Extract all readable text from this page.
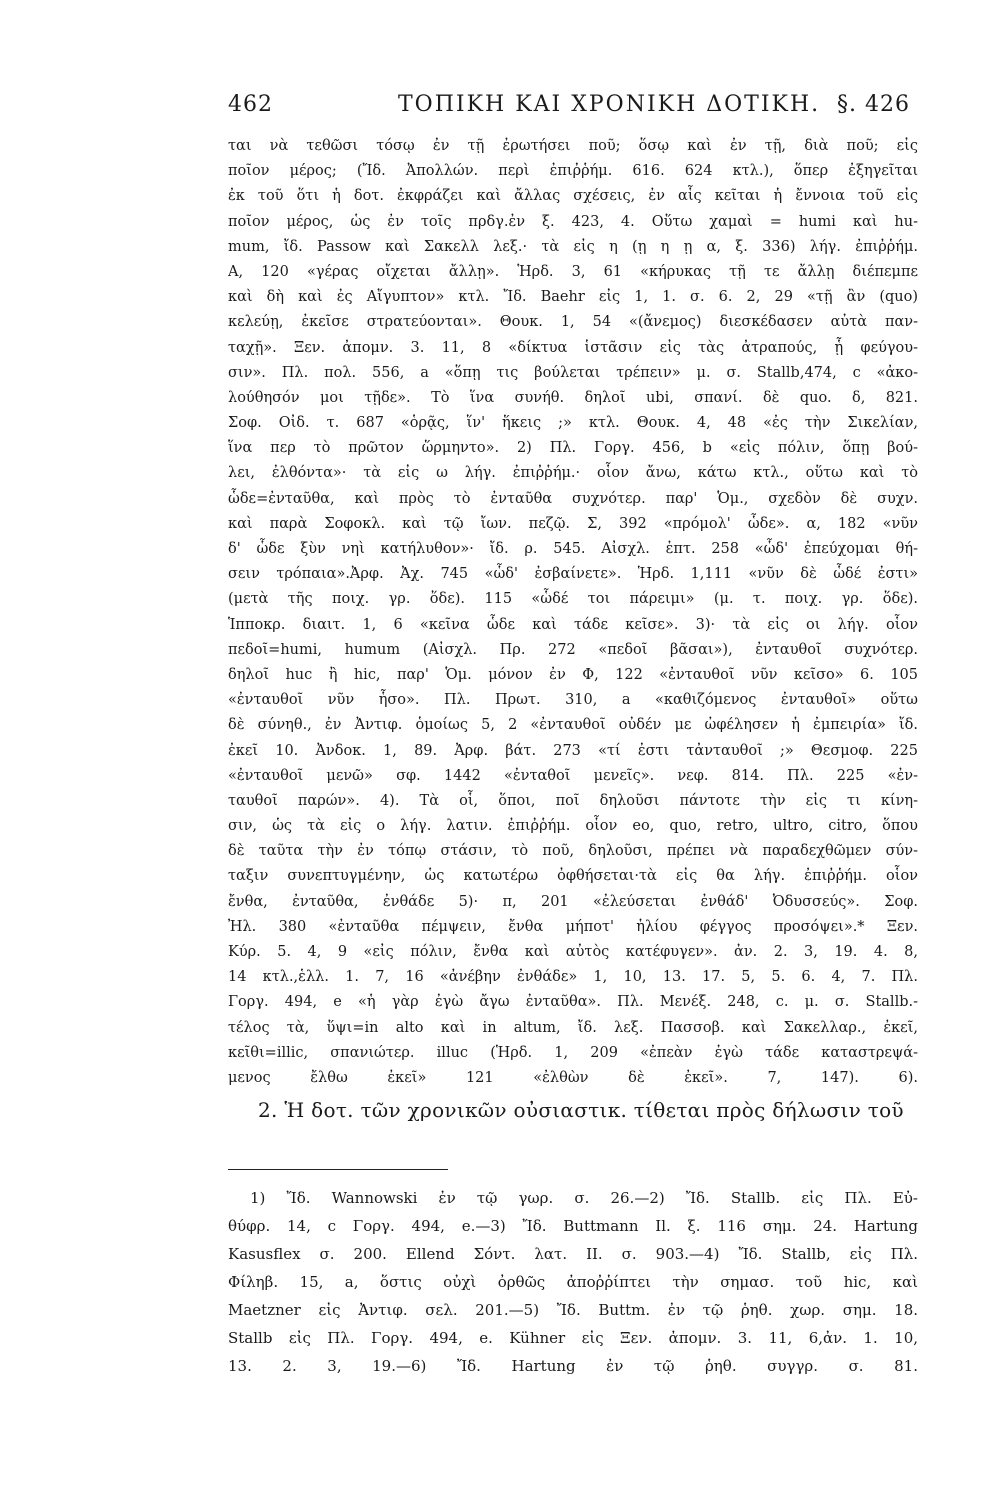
462	ΤΟΠΙΚΗ ΚΑΙ ΧΡΟΝΙΚΗ ΔΟΤΙΚΗ. §. 426
ται νὰ τεθῶσι τόσῳ ἐν τῇ ἐρωτήσει ποῦ; ὅσῳ καὶ ἐν τῇ, διὰ ποῦ; εἰς
ποῖον μέρος; (Ἴδ. Ἀπολλών. περὶ ἐπιῤῥήμ. 616. 624 κτλ.), ὅπερ ἐξηγεῖται
ἐκ τοῦ ὅτι ἡ δοτ. ἐκφράζει καὶ ἄλλας σχέσεις, ἐν αἷς κεῖται ἡ ἔννοια τοῦ εἰς
ποῖον μέρος, ὡς ἐν τοῖς πρδγ.ἐν ξ. 423, 4. Οὕτω χαμαὶ = humi καὶ hu-
mum, ἴδ. Passow καὶ Σακελλ λεξ.· τὰ εἰς η (ῃ η ῃ α, ξ. 336) λήγ. ἐπιῤῥήμ.
Α, 120 «γέρας οἴχεται ἄλλῃ». Ἡρδ. 3, 61 «κήρυκας τῇ τε ἄλλῃ διέπεμπε
καὶ δὴ καὶ ἐς Αἴγυπτον» κτλ. Ἴδ. Baehr εἰς 1, 1. σ. 6. 2, 29 «τῇ ἂν (quo)
κελεύῃ, ἐκεῖσε στρατεύονται». Θουκ. 1, 54 «(ἄνεμος) διεσκέδασεν αὐτὰ παν-
ταχῇ». Ξεν. ἀπομν. 3. 11, 8 «δίκτυα ἱστᾶσιν εἰς τὰς ἀτραπούς, ᾗ φεύγου-
σιν». Πλ. πολ. 556, a «ὅπῃ τις βούλεται τρέπειν» μ. σ. Stallb,474, c «ἀκο-
λούθησόν μοι τῇδε». Τὸ ἵνα συνήθ. δηλοῖ ubi, σπανί. δὲ quo. δ, 821.
Σοφ. Οἰδ. τ. 687 «ὁρᾷς, ἵν' ἥκεις ;» κτλ. Θουκ. 4, 48 «ἐς τὴν Σικελίαν,
ἵνα περ τὸ πρῶτον ὥρμηντο». 2) Πλ. Γοργ. 456, b «εἰς πόλιν, ὅπῃ βού-
λει, ἐλθόντα»· τὰ εἰς ω λήγ. ἐπιῤῥήμ.· οἷον ἄνω, κάτω κτλ., οὕτω καὶ τὸ
ὧδε=ἐνταῦθα, καὶ πρὸς τὸ ἐνταῦθα συχνότερ. παρ' Ὁμ., σχεδὸν δὲ συχν.
καὶ παρὰ Σοφοκλ. καὶ τῷ ἴων. πεζῷ. Σ, 392 «πρόμολ' ὧδε». α, 182 «νῦν
δ' ὧδε ξὺν νηὶ κατήλυθον»· ἴδ. ρ. 545. Αἰσχλ. ἑπτ. 258 «ὧδ' ἐπεύχομαι θή-
σειν τρόπαια».Ἀρφ. Ἀχ. 745 «ὧδ' ἐσβαίνετε». Ἡρδ. 1,111 «νῦν δὲ ὧδέ ἐστι»
(μετὰ τῆς ποιχ. γρ. ὅδε). 115 «ὧδέ τοι πάρειμι» (μ. τ. ποιχ. γρ. ὅδε).
Ἱπποκρ. διαιτ. 1, 6 «κεῖνα ὧδε καὶ τάδε κεῖσε». 3)· τὰ εἰς οι λήγ. οἷον
πεδοῖ=humi, humum (Αἰσχλ. Πρ. 272 «πεδοῖ βᾶσαι»), ἐνταυθοῖ συχνότερ.
δηλοῖ huc ἢ hic, παρ' Ὁμ. μόνον ἐν Φ, 122 «ἐνταυθοῖ νῦν κεῖσο» 6. 105
«ἐνταυθοῖ νῦν ἧσο». Πλ. Πρωτ. 310, a «καθιζόμενος ἐνταυθοῖ» οὕτω
δὲ σύνηθ., ἐν Ἀντιφ. ὁμοίως 5, 2 «ἐνταυθοῖ οὐδέν με ὠφέλησεν ἡ ἐμπειρία» ἴδ.
ἐκεῖ 10. Ἀνδοκ. 1, 89. Ἀρφ. βάτ. 273 «τί ἐστι τἀνταυθοῖ ;» Θεσμοφ. 225
«ἐνταυθοῖ μενῶ» σφ. 1442 «ἐνταθοῖ μενεῖς». νεφ. 814. Πλ. 225 «ἐν-
ταυθοῖ παρών». 4). Τὰ οἷ, ὅποι, ποῖ δηλοῦσι πάντοτε τὴν εἰς τι κίνη-
σιν, ὡς τὰ εἰς ο λήγ. λατιν. ἐπιῤῥήμ. οἷον eo, quo, retro, ultro, citro, ὅπου
δὲ ταῦτα τὴν ἐν τόπῳ στάσιν, τὸ ποῦ, δηλοῦσι, πρέπει νὰ παραδεχθῶμεν σύν-
ταξιν συνεπτυγμένην, ὡς κατωτέρω ὀφθήσεται·τὰ εἰς θα λήγ. ἐπιῤῥήμ. οἷον
ἔνθα, ἐνταῦθα, ἐνθάδε 5)· π, 201 «ἐλεύσεται ἐνθάδ' Ὀδυσσεύς». Σοφ.
Ἠλ. 380 «ἐνταῦθα πέμψειν, ἔνθα μήποτ' ἡλίου φέγγος προσόψει».* Ξεν.
Κύρ. 5. 4, 9 «εἰς πόλιν, ἔνθα καὶ αὐτὸς κατέφυγεν». ἀν. 2. 3, 19. 4. 8,
14 κτλ.,ἑλλ. 1. 7, 16 «ἀνέβην ἐνθάδε» 1, 10, 13. 17. 5, 5. 6. 4, 7. Πλ.
Γοργ. 494, e «ἡ γὰρ ἐγὼ ἄγω ἐνταῦθα». Πλ. Μενέξ. 248, c. μ. σ. Stallb.-
τέλος τὰ, ὕψι=in alto καὶ in altum, ἴδ. λεξ. Πασσοβ. καὶ Σακελλαρ., ἐκεῖ,
κεῖθι=illic, σπανιώτερ. illuc (Ἡρδ. 1, 209 «ἐπεὰν ἐγὼ τάδε καταστρεψά-
μενος ἔλθω ἐκεῖ» 121 «ἐλθὼν δὲ ἐκεῖ». 7, 147). 6).
2. Ἡ δοτ. τῶν χρονικῶν οὐσιαστικ. τίθεται πρὸς δήλωσιν τοῦ
1) Ἴδ. Wannowski ἐν τῷ γωρ. σ. 26.—2) Ἴδ. Stallb. εἰς Πλ. Εὐ-
θύφρ. 14, c Γοργ. 494, e.—3) Ἴδ. Buttmann Il. ξ. 116 σημ. 24. Hartung
Kasusflex σ. 200. Ellend Σόντ. λατ. II. σ. 903.—4) Ἴδ. Stallb, εἰς Πλ.
Φίληβ. 15, a, ὅστις οὐχὶ ὀρθῶς ἀποῤῥίπτει τὴν σημασ. τοῦ hic, καὶ
Maetzner εἰς Ἀντιφ. σελ. 201.—5) Ἴδ. Buttm. ἐν τῷ ῥηθ. χωρ. σημ. 18.
Stallb εἰς Πλ. Γοργ. 494, e. Kühner εἰς Ξεν. ἀπομν. 3. 11, 6,ἀν. 1. 10,
13. 2. 3, 19.—6) Ἴδ. Hartung ἐν τῷ ῥηθ. συγγρ. σ. 81.
